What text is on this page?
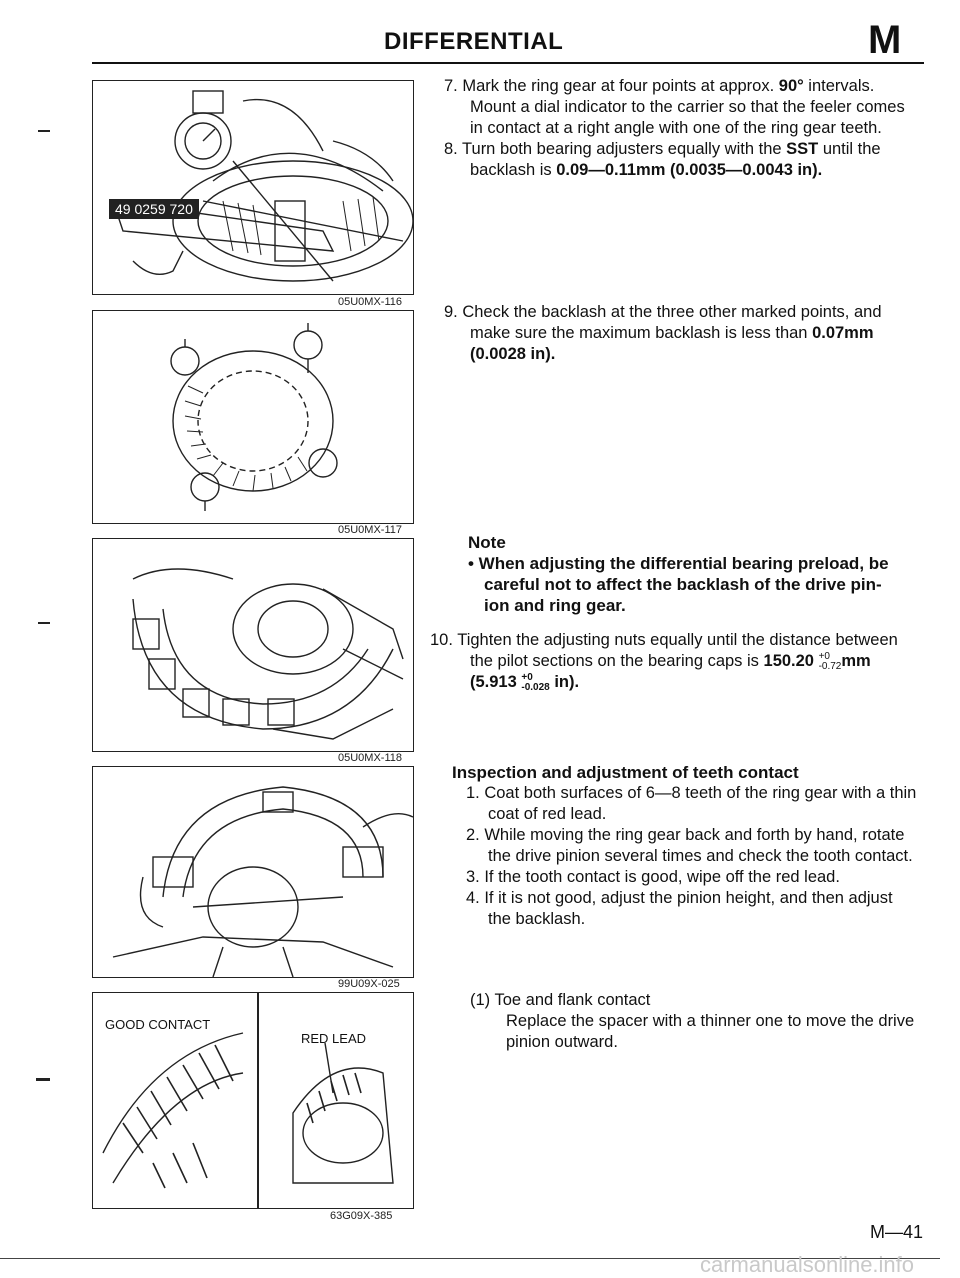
DIFFERENTIAL	M
49 0259 720
05U0MX-116
05U0MX-117
05U0MX-118
99U09X-025
GOOD CONTACT
RED LEAD
63G09X-385
7. Mark the ring gear at four points at approx. 90° intervals.
Mount a dial indicator to the carrier so that the feeler comes
in contact at a right angle with one of the ring gear teeth.
8. Turn both bearing adjusters equally with the SST until the
backlash is 0.09—0.11mm (0.0035—0.0043 in).
9. Check the backlash at the three other marked points, and
make sure the maximum backlash is less than 0.07mm
(0.0028 in).
Note
• When adjusting the differential bearing preload, be
careful not to affect the backlash of the drive pin-
ion and ring gear.
10. Tighten the adjusting nuts equally until the distance between
the pilot sections on the bearing caps is 150.20 +0
-0.72 mm
(5.913 +0
-0.028 in).
Inspection and adjustment of teeth contact
1. Coat both surfaces of 6—8 teeth of the ring gear with a thin
coat of red lead.
2. While moving the ring gear back and forth by hand, rotate
the drive pinion several times and check the tooth contact.
3. If the tooth contact is good, wipe off the red lead.
4. If it is not good, adjust the pinion height, and then adjust
the backlash.
(1) Toe and flank contact
Replace the spacer with a thinner one to move the drive
pinion outward.
M—41
carmanualsonline.info
